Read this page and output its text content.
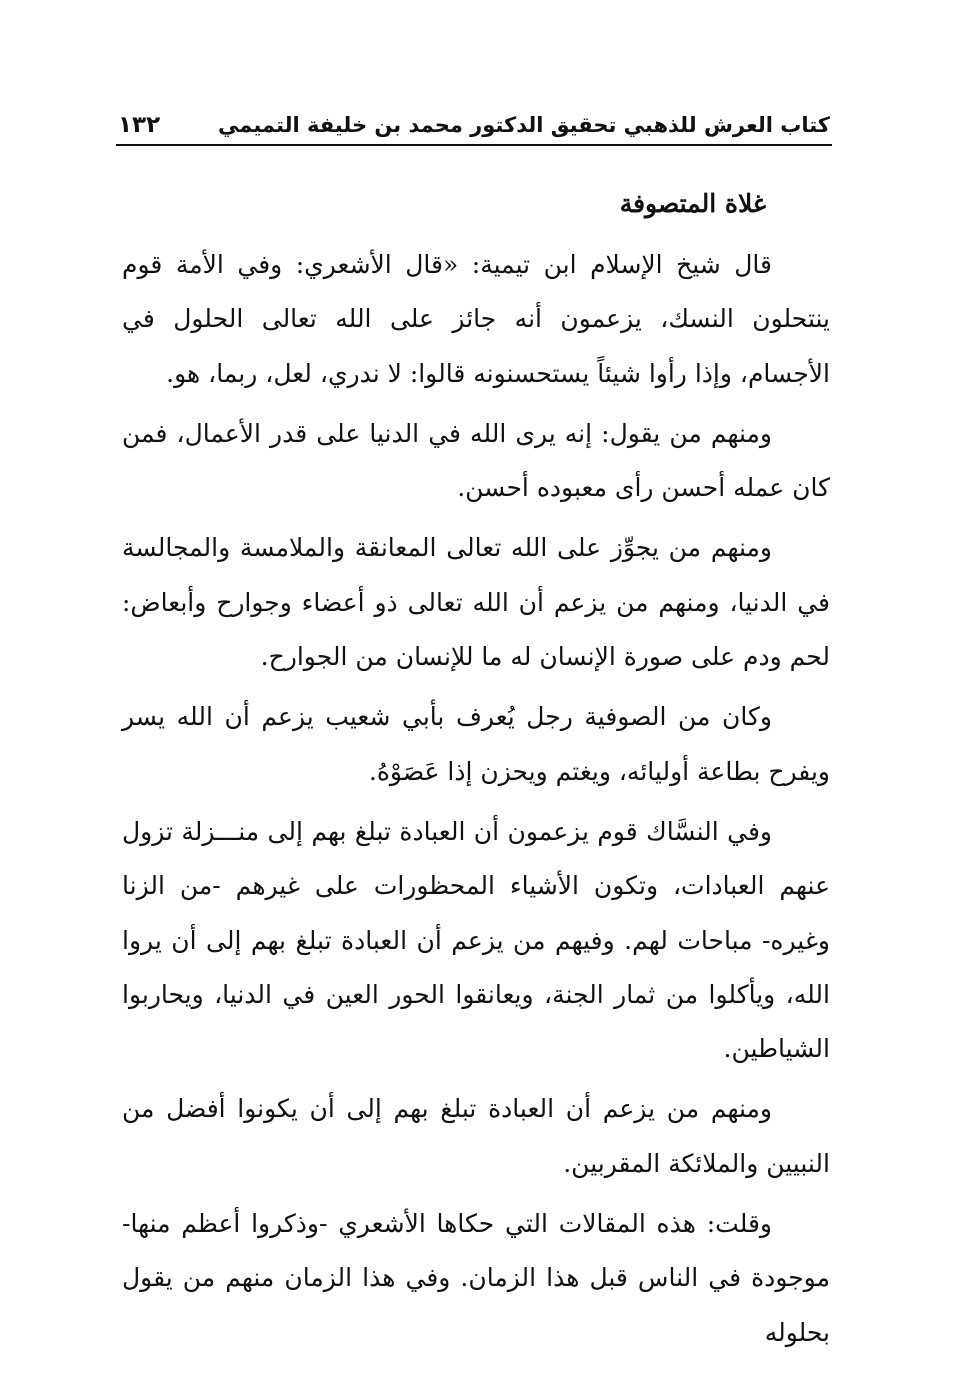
كتاب العرش للذهبي تحقيق الدكتور محمد بن خليفة التميمي
١٣٢
غلاة المتصوفة

قال شيخ الإسلام ابن تيمية: «قال الأشعري: وفي الأمة قوم ينتحلون النسك، يزعمون أنه جائز على الله تعالى الحلول في الأجسام، وإذا رأوا شيئاً يستحسنونه قالوا: لا ندري، لعل، ربما، هو.

ومنهم من يقول: إنه يرى الله في الدنيا على قدر الأعمال، فمن كان عمله أحسن رأى معبوده أحسن.

ومنهم من يجوِّز على الله تعالى المعانقة والملامسة والمجالسة في الدنيا، ومنهم من يزعم أن الله تعالى ذو أعضاء وجوارح وأبعاض: لحم ودم على صورة الإنسان له ما للإنسان من الجوارح.

وكان من الصوفية رجل يُعرف بأبي شعيب يزعم أن الله يسر ويفرح بطاعة أوليائه، ويغتم ويحزن إذا عَصَوْهُ.

وفي النسَّاك قوم يزعمون أن العبادة تبلغ بهم إلى منـــزلة تزول عنهم العبادات، وتكون الأشياء المحظورات على غيرهم -من الزنا وغيره- مباحات لهم. وفيهم من يزعم أن العبادة تبلغ بهم إلى أن يروا الله، ويأكلوا من ثمار الجنة، ويعانقوا الحور العين في الدنيا، ويحاربوا الشياطين.

ومنهم من يزعم أن العبادة تبلغ بهم إلى أن يكونوا أفضل من النبيين والملائكة المقربين.

وقلت: هذه المقالات التي حكاها الأشعري -وذكروا أعظم منها- موجودة في الناس قبل هذا الزمان. وفي هذا الزمان منهم من يقول بحلوله
